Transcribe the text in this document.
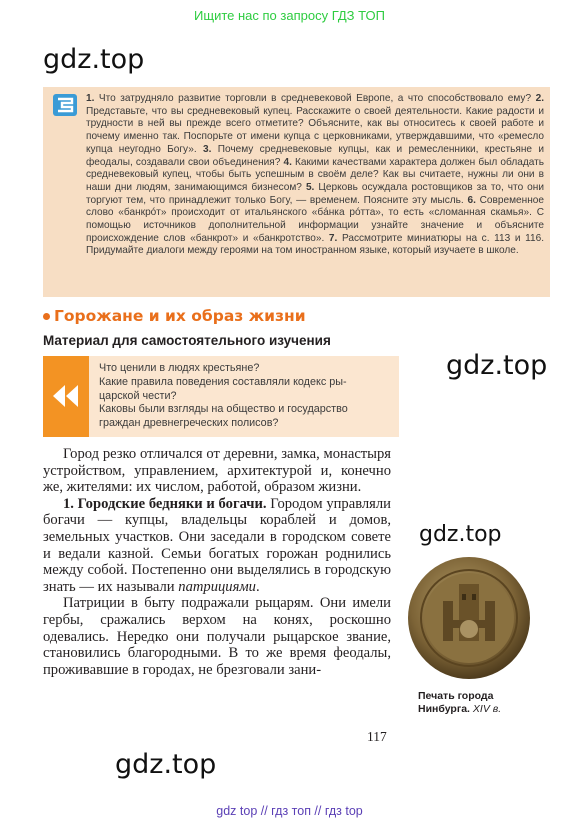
Ищите нас по запросу ГДЗ ТОП
gdz.top
1. Что затрудняло развитие торговли в средневековой Европе, а что способствовало ему? 2. Представьте, что вы средневековый купец. Расскажите о своей деятельности. Какие радости и трудности в ней вы прежде всего отметите? Объясните, как вы относитесь к своей работе и почему именно так. Поспорьте от имени купца с церковниками, утверждавшими, что «ремесло купца неугодно Богу». 3. Почему средневековые купцы, как и ремесленники, крестьяне и феодалы, создавали свои объединения? 4. Какими качествами характера должен был обладать средневековый купец, чтобы быть успешным в своём деле? Как вы считаете, нужны ли они в наши дни людям, занимающимся бизнесом? 5. Церковь осуждала ростовщиков за то, что они торгуют тем, что принадлежит только Богу, — временем. Поясните эту мысль. 6. Современное слово «банкрóт» происходит от итальянского «бáнка рóтта», то есть «сломанная скамья». С помощью источников дополнительной информации узнайте значение и объясните происхождение слов «банкрот» и «банкротство». 7. Рассмотрите миниатюры на с. 113 и 116. Придумайте диалоги между героями на том иностранном языке, который изучаете в школе.
Горожане и их образ жизни
Материал для самостоятельного изучения
gdz.top
Что ценили в людях крестьяне?
Какие правила поведения составляли кодекс ры-
царской чести?
Каковы были взгляды на общество и государство
граждан древнегреческих полисов?

Город резко отличался от деревни, замка, монастыря устройством, управлением, архитектурой и, конечно же, жителями: их числом, работой, образом жизни.

1. Городские бедняки и богачи. Городом управляли богачи — купцы, владельцы кораблей и домов, земельных участков. Они заседали в городском совете и ведали казной. Семьи богатых горожан роднились между собой. Постепенно они выделялись в городскую знать — их называли патрициями.

Патриции в быту подражали рыцарям. Они имели гербы, сражались верхом на конях, роскошно одевались. Нередко они получали рыцарское звание, становились благородными. В то же время феодалы, проживавшие в городах, не брезговали зани-

gdz.top
Печать города
Нинбурга. XIV в.
117
gdz.top
gdz top // гдз топ // гдз top
